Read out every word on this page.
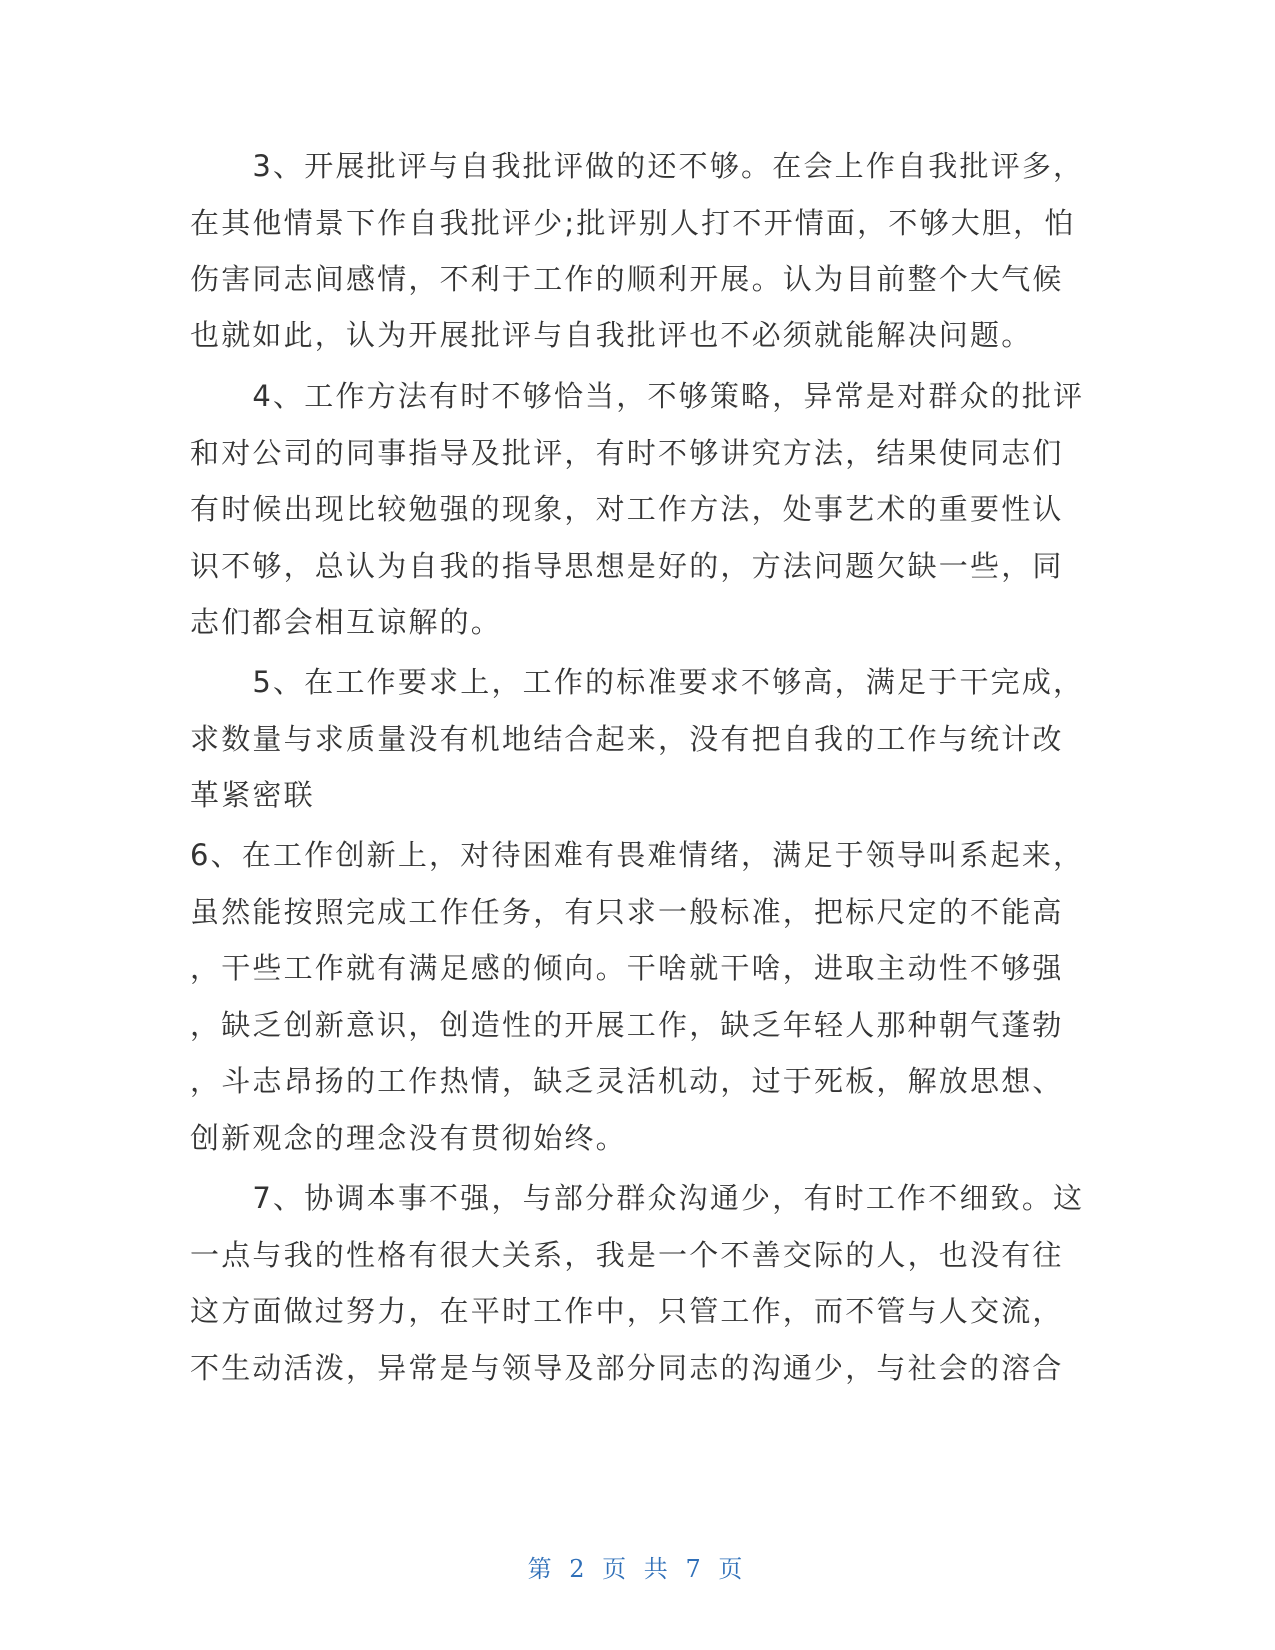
　　3、开展批评与自我批评做的还不够。在会上作自我批评多，

在其他情景下作自我批评少;批评别人打不开情面，不够大胆，怕

伤害同志间感情，不利于工作的顺利开展。认为目前整个大气候

也就如此，认为开展批评与自我批评也不必须就能解决问题。

　　4、工作方法有时不够恰当，不够策略，异常是对群众的批评

和对公司的同事指导及批评，有时不够讲究方法，结果使同志们

有时候出现比较勉强的现象，对工作方法，处事艺术的重要性认

识不够，总认为自我的指导思想是好的，方法问题欠缺一些，同

志们都会相互谅解的。

　　5、在工作要求上，工作的标准要求不够高，满足于干完成，

求数量与求质量没有机地结合起来，没有把自我的工作与统计改

革紧密联

6、在工作创新上，对待困难有畏难情绪，满足于领导叫系起来，

虽然能按照完成工作任务，有只求一般标准，把标尺定的不能高

，干些工作就有满足感的倾向。干啥就干啥，进取主动性不够强

，缺乏创新意识，创造性的开展工作，缺乏年轻人那种朝气蓬勃

，斗志昂扬的工作热情，缺乏灵活机动，过于死板，解放思想、

创新观念的理念没有贯彻始终。

　　7、协调本事不强，与部分群众沟通少，有时工作不细致。这

一点与我的性格有很大关系，我是一个不善交际的人，也没有往

这方面做过努力，在平时工作中，只管工作，而不管与人交流，

不生动活泼，异常是与领导及部分同志的沟通少，与社会的溶合

第 2 页 共 7 页
